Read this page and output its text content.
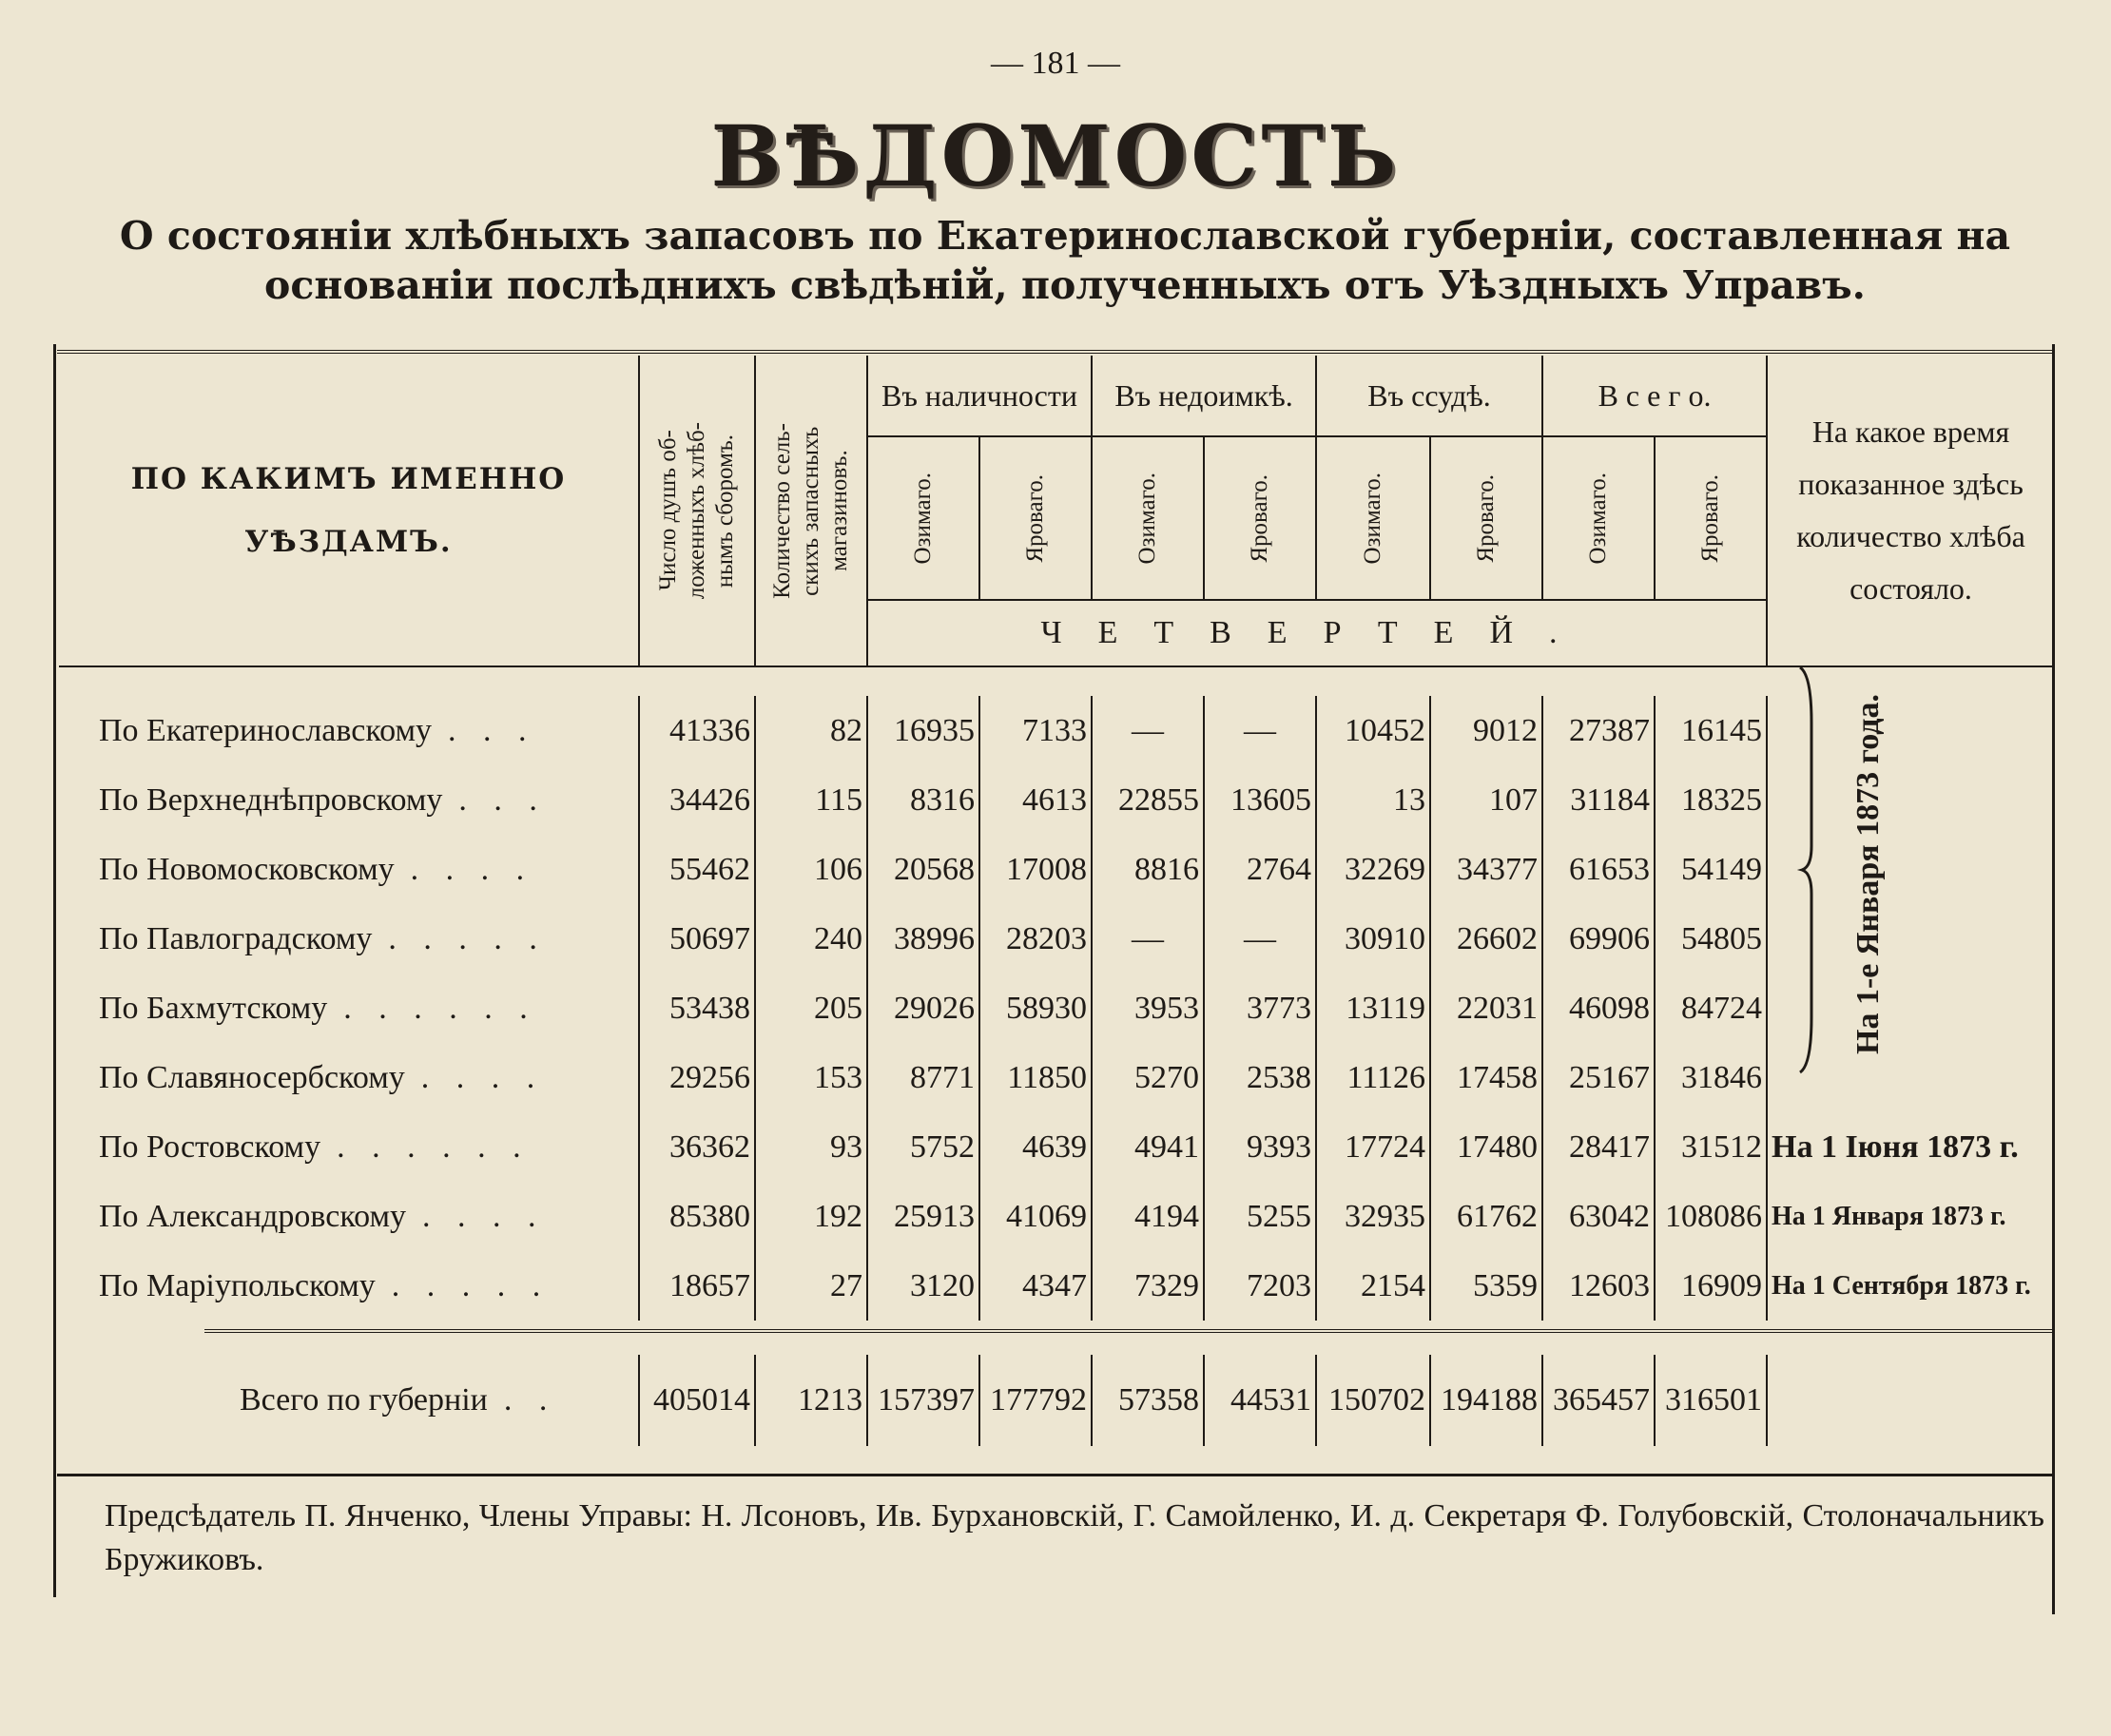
— 181 —
ВѢДОМОСТЬ
О состояніи хлѣбныхъ запасовъ по Екатеринославской губерніи, составленная на основаніи послѣднихъ свѣдѣній, полученныхъ отъ Уѣздныхъ Управъ.
ПО КАКИМЪ ИМЕННО УѢЗДАМЪ.	Число душъ об-
ложенныхъ хлѣб-
нымъ сборомъ.	Количество сель-
скихъ запасныхъ
магазиновъ.	Въ наличности		Въ недоимкѣ.		Въ ссудѣ.		В с е г о.		На какое время показанное здѣсь количество хлѣба состояло.

			Озимаго.	Яроваго.	Озимаго.	Яроваго.	Озимаго.	Яроваго.	Озимаго.	Яроваго.	

			ЧЕТВЕРТЕЙ.								

По Екатеринославскому . . .	41336	82	16935	7133	—	—	10452	9012	27387	16145	
По Верхнеднѣпровскому . . .	34426	115	8316	4613	22855	13605	13	107	31184	18325	
По Новомосковскому . . . .	55462	106	20568	17008	8816	2764	32269	34377	61653	54149	
По Павлоградскому . . . . .	50697	240	38996	28203	—	—	30910	26602	69906	54805	
По Бахмутскому . . . . . .	53438	205	29026	58930	3953	3773	13119	22031	46098	84724	
По Славяносербскому . . . .	29256	153	8771	11850	5270	2538	11126	17458	25167	31846	
По Ростовскому . . . . . .	36362	93	5752	4639	4941	9393	17724	17480	28417	31512	На 1 Іюня 1873 г.
По Александровскому . . . .	85380	192	25913	41069	4194	5255	32935	61762	63042	108086	На 1 Января 1873 г.
По Маріупольскому . . . . .	18657	27	3120	4347	7329	7203	2154	5359	12603	16909	На 1 Сентября 1873 г.

Всего по губерніи . .	405014	1213	157397	177792	57358	44531	150702	194188	365457	316501	
На 1-е Января 1873 года.
Предсѣдатель П. Янченко, Члены Управы: Н. Лсоновъ, Ив. Бурхановскій, Г. Самойленко, И. д. Секретаря Ф. Голубовскій, Столоначальникъ Бружиковъ.
